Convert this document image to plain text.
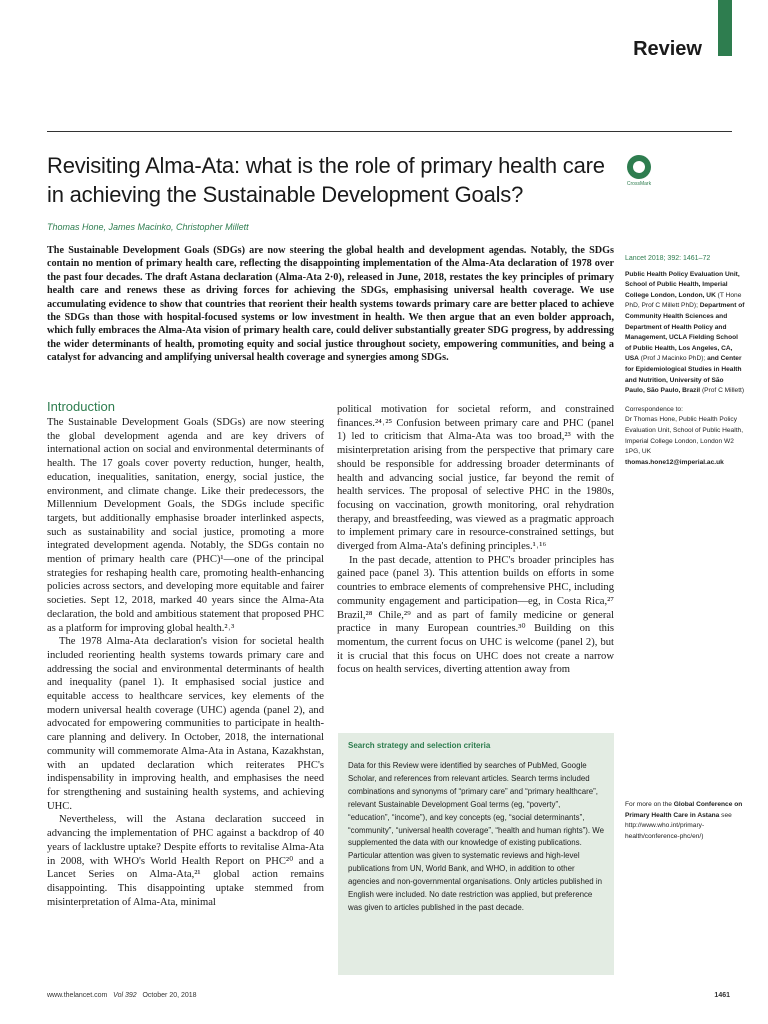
Review
Revisiting Alma-Ata: what is the role of primary health care in achieving the Sustainable Development Goals?	CrossMark
Thomas Hone, James Macinko, Christopher Millett
The Sustainable Development Goals (SDGs) are now steering the global health and development agendas. Notably, the SDGs contain no mention of primary health care, reflecting the disappointing implementation of the Alma-Ata declaration of 1978 over the past four decades. The draft Astana declaration (Alma-Ata 2·0), released in June, 2018, restates the key principles of primary health care and renews these as driving forces for achieving the SDGs, emphasising universal health coverage. We use accumulating evidence to show that countries that reorient their health systems towards primary care are better placed to achieve the SDGs than those with hospital-focused systems or low investment in health. We then argue that an even bolder approach, which fully embraces the Alma-Ata vision of primary health care, could deliver substantially greater SDG progress, by addressing the wider determinants of health, promoting equity and social justice throughout society, empowering communities, and being a catalyst for advancing and amplifying universal health coverage and synergies among SDGs.
Lancet 2018; 392: 1461–72
Public Health Policy Evaluation Unit, School of Public Health, Imperial College London, London, UK (T Hone PhD, Prof C Millett PhD); Department of Community Health Sciences and Department of Health Policy and Management, UCLA Fielding School of Public Health, Los Angeles, CA, USA (Prof J Macinko PhD); and Center for Epidemiological Studies in Health and Nutrition, University of São Paulo, São Paulo, Brazil (Prof C Millett)
Correspondence to:
Dr Thomas Hone, Public Health Policy Evaluation Unit, School of Public Health, Imperial College London, London W2 1PG, UK
thomas.hone12@imperial.ac.uk
For more on the Global Conference on Primary Health Care in Astana see http://www.who.int/primary-health/conference-phc/en/)
Introduction

The Sustainable Development Goals (SDGs) are now steering the global development agenda and are key drivers of international action on social and environmental determinants of health. The 17 goals cover poverty reduction, hunger, health, education, inequalities, sanitation, energy, social justice, the environment, and climate change. Like their predecessors, the Millennium Development Goals, the SDGs include specific targets, but additionally emphasise broader interlinked aspects, such as sustainability and social justice, promoting a more integrated development agenda. Notably, the SDGs contain no mention of primary health care (PHC)¹—one of the principal strategies for reshaping health care, promoting health-enhancing policies across sectors, and developing more equitable and fairer societies. Sept 12, 2018, marked 40 years since the Alma-Ata declaration, the bold and ambitious statement that proposed PHC as a platform for improving global health.²˒³

The 1978 Alma-Ata declaration's vision for societal health included reorienting health systems towards primary care and addressing the social and environmental determinants of health and inequality (panel 1). It emphasised social justice and equitable access to healthcare services, key elements of the modern universal health coverage (UHC) agenda (panel 2), and advocated for empowering communities to participate in health-care planning and delivery. In October, 2018, the international community will commemorate Alma-Ata in Astana, Kazakhstan, with an updated declaration which reiterates PHC's indispensability in improving health, and emphasises the need for strengthening and sustaining health systems, and achieving UHC.

Nevertheless, will the Astana declaration succeed in advancing the implementation of PHC against a backdrop of 40 years of lacklustre uptake? Despite efforts to revitalise Alma-Ata in 2008, with WHO's World Health Report on PHC²⁰ and a Lancet Series on Alma-Ata,²¹ global action remains disappointing. This disappointing uptake stemmed from misinterpretation of Alma-Ata, minimal

political motivation for societal reform, and constrained finances.²⁴˒²⁵ Confusion between primary care and PHC (panel 1) led to criticism that Alma-Ata was too broad,²³ with the misinterpretation arising from the perspective that primary care should be responsible for addressing broader determinants of health and advancing social justice, far beyond the remit of health services. The proposal of selective PHC in the 1980s, focusing on vaccination, growth monitoring, oral rehydration therapy, and breastfeeding, was viewed as a pragmatic approach to implement primary care in resource-constrained settings, but diverged from Alma-Ata's defining principles.¹˒¹⁶

In the past decade, attention to PHC's broader principles has gained pace (panel 3). This attention builds on efforts in some countries to embrace elements of comprehensive PHC, including community engagement and participation—eg, in Costa Rica,²⁷ Brazil,²⁸ Chile,²⁹ and as part of family medicine or general practice in many European countries.³⁰ Building on this momentum, the current focus on UHC is welcome (panel 2), but it is crucial that this focus on UHC does not create a narrow focus on health services, diverting attention away from

Search strategy and selection criteria

Data for this Review were identified by searches of PubMed, Google Scholar, and references from relevant articles. Search terms included combinations and synonyms of “primary care” and “primary healthcare”, relevant Sustainable Development Goal terms (eg, “poverty”, “education”, “income”), and key concepts (eg, “social determinants”, “community”, “universal health coverage”, “health and human rights”). We supplemented the data with our knowledge of existing publications. Particular attention was given to systematic reviews and high-level publications from UN, World Bank, and WHO, in addition to other agencies and non-governmental organisations. Only articles published in English were included. No date restriction was applied, but preference was given to articles published in the past decade.

www.thelancet.com Vol 392 October 20, 2018	1461
